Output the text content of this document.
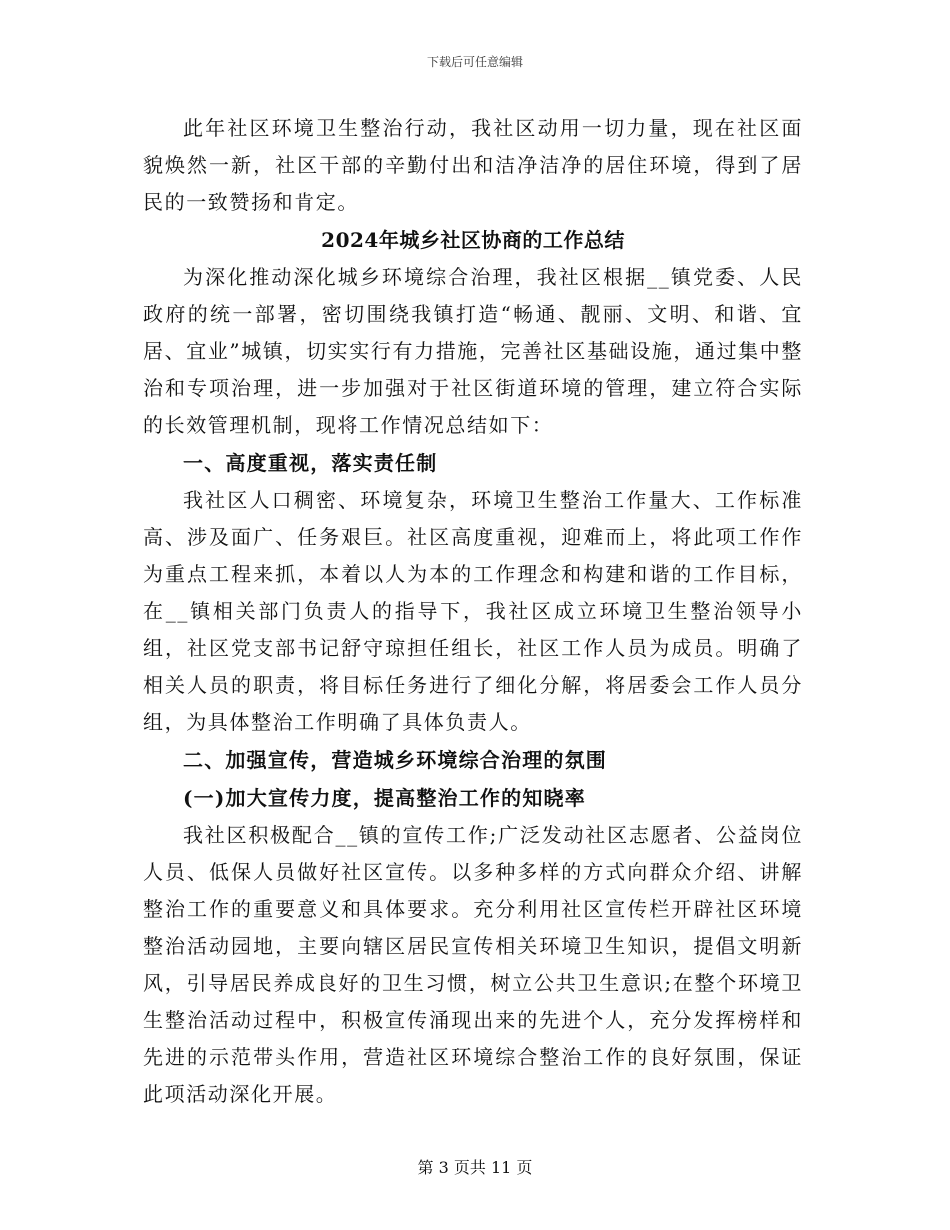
下载后可任意编辑

此年社区环境卫生整治行动，我社区动用一切力量，现在社区面貌焕然一新，社区干部的辛勤付出和洁净洁净的居住环境，得到了居民的一致赞扬和肯定。

2024年城乡社区协商的工作总结

为深化推动深化城乡环境综合治理，我社区根据__镇党委、人民政府的统一部署，密切围绕我镇打造“畅通、靓丽、文明、和谐、宜居、宜业”城镇，切实实行有力措施，完善社区基础设施，通过集中整治和专项治理，进一步加强对于社区街道环境的管理，建立符合实际的长效管理机制，现将工作情况总结如下：

一、高度重视，落实责任制

我社区人口稠密、环境复杂，环境卫生整治工作量大、工作标准高、涉及面广、任务艰巨。社区高度重视，迎难而上，将此项工作作为重点工程来抓，本着以人为本的工作理念和构建和谐的工作目标，在__镇相关部门负责人的指导下，我社区成立环境卫生整治领导小组，社区党支部书记舒守琼担任组长，社区工作人员为成员。明确了相关人员的职责，将目标任务进行了细化分解，将居委会工作人员分组，为具体整治工作明确了具体负责人。

二、加强宣传，营造城乡环境综合治理的氛围
(一)加大宣传力度，提高整治工作的知晓率

我社区积极配合__镇的宣传工作;广泛发动社区志愿者、公益岗位人员、低保人员做好社区宣传。以多种多样的方式向群众介绍、讲解整治工作的重要意义和具体要求。充分利用社区宣传栏开辟社区环境整治活动园地，主要向辖区居民宣传相关环境卫生知识，提倡文明新风，引导居民养成良好的卫生习惯，树立公共卫生意识;在整个环境卫生整治活动过程中，积极宣传涌现出来的先进个人，充分发挥榜样和先进的示范带头作用，营造社区环境综合整治工作的良好氛围，保证此项活动深化开展。

第 3 页共 11 页
